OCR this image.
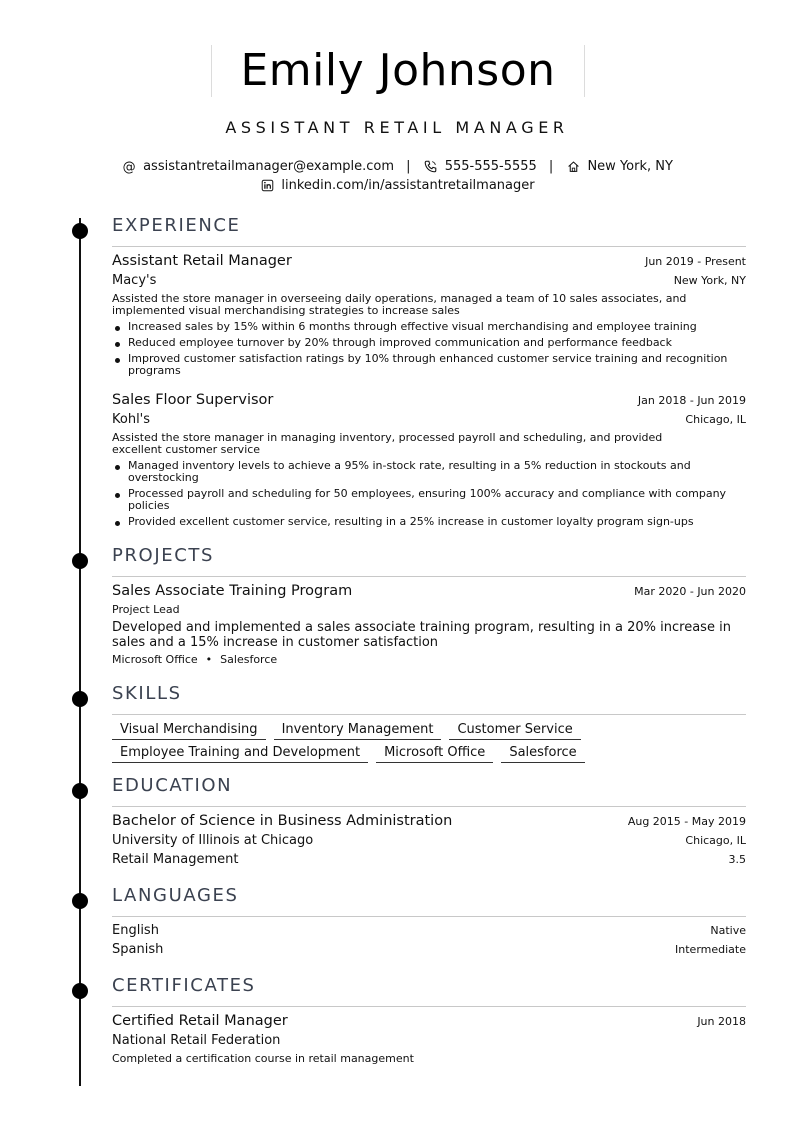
Emily Johnson
ASSISTANT RETAIL MANAGER
@ assistantretailmanager@example.com |	555-555-5555 |	New York, NY
linkedin.com/in/assistantretailmanager
EXPERIENCE
Assistant Retail Manager	Jun 2019 - Present
Macy's	New York, NY
Assisted the store manager in overseeing daily operations, managed a team of 10 sales associates, and implemented visual merchandising strategies to increase sales
Increased sales by 15% within 6 months through effective visual merchandising and employee training
Reduced employee turnover by 20% through improved communication and performance feedback
Improved customer satisfaction ratings by 10% through enhanced customer service training and recognition programs
Sales Floor Supervisor	Jan 2018 - Jun 2019
Kohl's	Chicago, IL
Assisted the store manager in managing inventory, processed payroll and scheduling, and provided excellent customer service
Managed inventory levels to achieve a 95% in-stock rate, resulting in a 5% reduction in stockouts and overstocking
Processed payroll and scheduling for 50 employees, ensuring 100% accuracy and compliance with company policies
Provided excellent customer service, resulting in a 25% increase in customer loyalty program sign-ups
PROJECTS
Sales Associate Training Program	Mar 2020 - Jun 2020
Project Lead
Developed and implemented a sales associate training program, resulting in a 20% increase in sales and a 15% increase in customer satisfaction
Microsoft Office • Salesforce
SKILLS
Visual Merchandising	Inventory Management	Customer Service
Employee Training and Development	Microsoft Office	Salesforce
EDUCATION
Bachelor of Science in Business Administration	Aug 2015 - May 2019
University of Illinois at Chicago	Chicago, IL
Retail Management	3.5
LANGUAGES
English	Native
Spanish	Intermediate
CERTIFICATES
Certified Retail Manager	Jun 2018
National Retail Federation
Completed a certification course in retail management
